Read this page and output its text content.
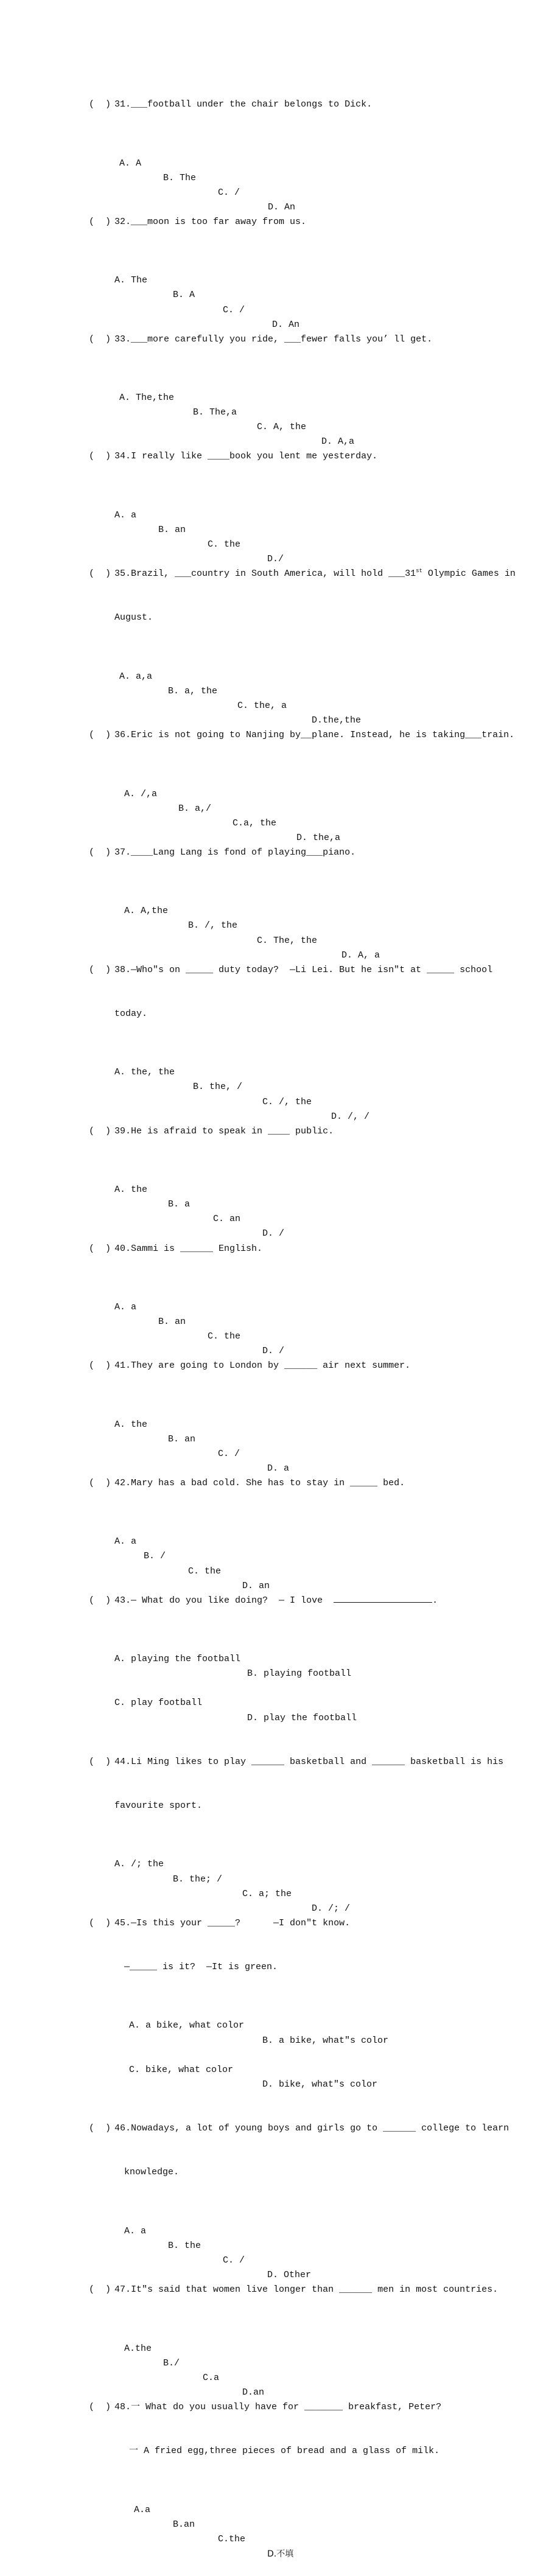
(  ) 31.___football under the chair belongs to Dick.

A. A

B. The

C. /

D. An

(  ) 32.___moon is too far away from us.

A. The

B. A

C. /

D. An

(  ) 33.___more carefully you ride, ___fewer falls you’ ll get.

A. The,the

B. The,a

C. A, the

D. A,a

(  ) 34.I really like ____book you lent me yesterday.

A. a

B. an

C. the

D./

(  ) 35.Brazil, ___country in South America, will hold ___31st Olympic Games in

August.

A. a,a

B. a, the

C. the, a

D.the,the

(  ) 36.Eric is not going to Nanjing by__plane. Instead, he is taking___train.

A. /,a

B. a,/

C.a, the

D. the,a

(  ) 37.____Lang Lang is fond of playing___piano.

A. A,the

B. /, the

C. The, the

D. A, a

(  ) 38.—Who″s on _____ duty today?  —Li Lei. But he isn″t at _____ school

today.

A. the, the

B. the, /

C. /, the

D. /, /

(  ) 39.He is afraid to speak in ____ public.

A. the

B. a

C. an

D. /

(  ) 40.Sammi is ______ English.

A. a

B. an

C. the

D. /

(  ) 41.They are going to London by ______ air next summer.

A. the

B. an

C. /

D. a

(  ) 42.Mary has a bad cold. She has to stay in _____ bed.

A. a

B. /

C. the

D. an

(  ) 43.— What do you like doing?  — I love	.

A. playing the football

B. playing football

C. play football

D. play the football

(  ) 44.Li Ming likes to play ______ basketball and ______ basketball is his

favourite sport.

A. /; the

B. the; /

C. a; the

D. /; /

(  ) 45.—Is this your _____?      —I don″t know.

—_____ is it?  —It is green.

A. a bike, what color

B. a bike, what″s color

C. bike, what color

D. bike, what″s color

(  ) 46.Nowadays, a lot of young boys and girls go to ______ college to learn

knowledge.

A. a

B. the

C. /

D. Other

(  ) 47.It″s said that women live longer than ______ men in most countries.

A.the

B./

C.a

D.an

(  ) 48.一 What do you usually have for _______ breakfast, Peter?

一 A fried egg,three pieces of bread and a glass of milk.

A.a

B.an

C.the

D.不填
